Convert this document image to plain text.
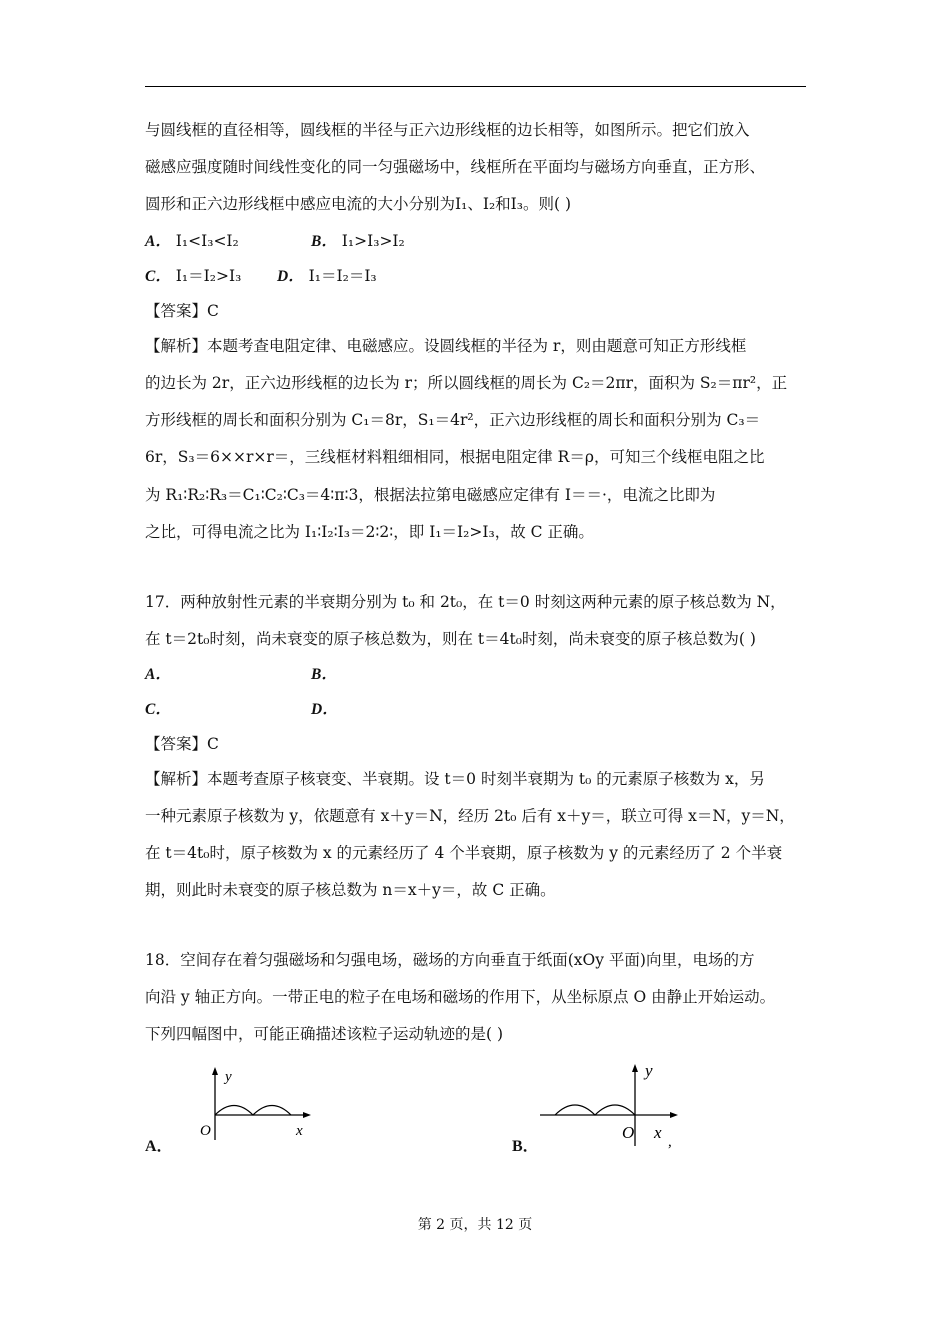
与圆线框的直径相等，圆线框的半径与正六边形线框的边长相等，如图所示。把它们放入
磁感应强度随时间线性变化的同一匀强磁场中，线框所在平面均与磁场方向垂直，正方形、
圆形和正六边形线框中感应电流的大小分别为I₁、I₂和I₃。则( )
A． I₁<I₃<I₂	B． I₁>I₃>I₂
C． I₁＝I₂>I₃ D． I₁＝I₂＝I₃
【答案】C
【解析】本题考查电阻定律、电磁感应。设圆线框的半径为 r，则由题意可知正方形线框
的边长为 2r，正六边形线框的边长为 r；所以圆线框的周长为 C₂＝2πr，面积为 S₂＝πr²，正
方形线框的周长和面积分别为 C₁＝8r，S₁＝4r²，正六边形线框的周长和面积分别为 C₃＝
6r，S₃＝6××r×r＝，三线框材料粗细相同，根据电阻定律 R＝ρ，可知三个线框电阻之比
为 R₁∶R₂∶R₃＝C₁∶C₂∶C₃＝4∶π∶3，根据法拉第电磁感应定律有 I＝＝·，电流之比即为
之比，可得电流之比为 I₁∶I₂∶I₃＝2∶2∶，即 I₁＝I₂>I₃，故 C 正确。
17．两种放射性元素的半衰期分别为 t₀ 和 2t₀，在 t＝0 时刻这两种元素的原子核总数为 N，
在 t＝2t₀时刻，尚未衰变的原子核总数为，则在 t＝4t₀时刻，尚未衰变的原子核总数为( )
A．	B．
C．	D．
【答案】C
【解析】本题考查原子核衰变、半衰期。设 t＝0 时刻半衰期为 t₀ 的元素原子核数为 x，另
一种元素原子核数为 y，依题意有 x＋y＝N，经历 2t₀ 后有 x＋y＝，联立可得 x＝N，y＝N，
在 t＝4t₀时，原子核数为 x 的元素经历了 4 个半衰期，原子核数为 y 的元素经历了 2 个半衰
期，则此时未衰变的原子核总数为 n＝x＋y＝，故 C 正确。
18．空间存在着匀强磁场和匀强电场，磁场的方向垂直于纸面(xOy 平面)向里，电场的方
向沿 y 轴正方向。一带正电的粒子在电场和磁场的作用下，从坐标原点 O 由静止开始运动。
下列四幅图中，可能正确描述该粒子运动轨迹的是( )
A．
y
O	x
B．
y
O x ,
第 2 页，共 12 页
